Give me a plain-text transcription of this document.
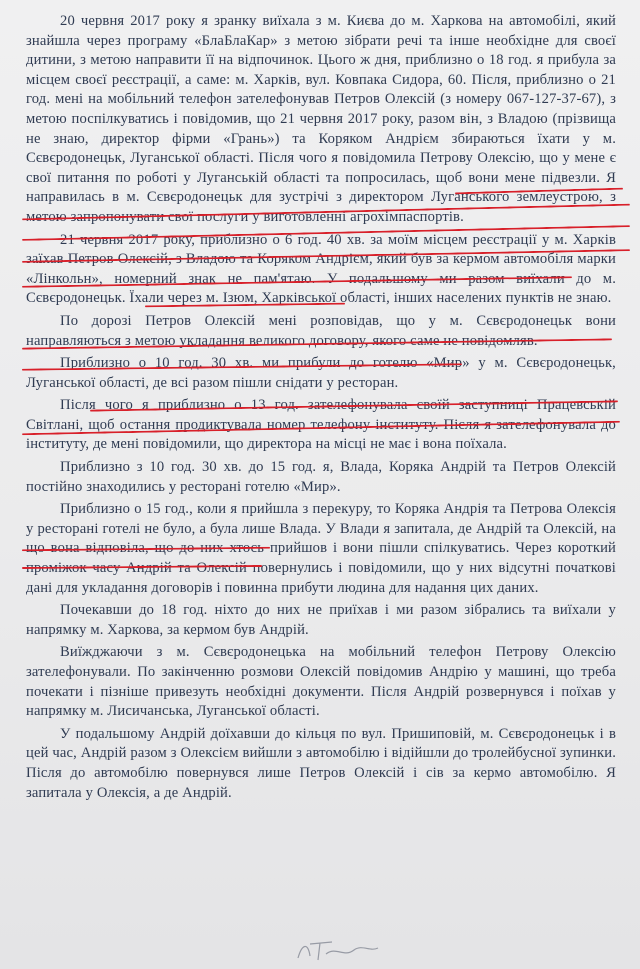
20 червня 2017 року я зранку виїхала з м. Києва до м. Харкова на автомобілі, який знайшла через програму «БлаБлаКар» з метою зібрати речі та інше необхідне для своєї дитини, з метою направити її на відпочинок. Цього ж дня, приблизно о 18 год. я прибула за місцем своєї реєстрації, а саме: м. Харків, вул. Ковпака Сидора, 60. Після, приблизно о 21 год. мені на мобільний телефон зателефонував Петров Олексій (з номеру 067-127-37-67), з метою поспілкуватись і повідомив, що 21 червня 2017 року, разом він, з Владою (прізвища не знаю, директор фірми «Грань») та Коряком Андрієм збираються їхати у м. Сєвєродонецьк, Луганської області. Після чого я повідомила Петрову Олексію, що у мене є свої питання по роботі у Луганській області та попросилась, щоб вони мене підвезли. Я направилась в м. Сєвєродонецьк для зустрічі з директором Луганського землеустрою, з метою запропонувати свої послуги у виготовленні агрохімпаспортів.

21 червня 2017 року, приблизно о 6 год. 40 хв. за моїм місцем реєстрації у м. Харків заїхав Петров Олексій, з Владою та Коряком Андрієм, який був за кермом автомобіля марки «Лінкольн», номерний знак не пам'ятаю. У подальшому ми разом виїхали до м. Сєвєродонецьк. Їхали через м. Ізюм, Харківської області, інших населених пунктів не знаю.

По дорозі Петров Олексій мені розповідав, що у м. Сєвєродонецьк вони направляються з метою укладання великого договору, якого саме не повідомляв.

Приблизно о 10 год. 30 хв. ми прибули до готелю «Мир» у м. Сєвєродонецьк, Луганської області, де всі разом пішли снідати у ресторан.

Після чого я приблизно о 13 год. зателефонувала своїй заступниці Працевській Світлані, щоб остання продиктувала номер телефону інституту. Після я зателефонувала до інституту, де мені повідомили, що директора на місці не має і вона поїхала.

Приблизно з 10 год. 30 хв. до 15 год. я, Влада, Коряка Андрій та Петров Олексій постійно знаходились у ресторані готелю «Мир».

Приблизно о 15 год., коли я прийшла з перекуру, то Коряка Андрія та Петрова Олексія у ресторані готелі не було, а була лише Влада. У Влади я запитала, де Андрій та Олексій, на що вона відповіла, що до них хтось прийшов і вони пішли спілкуватись. Через короткий проміжок часу Андрій та Олексій повернулись і повідомили, що у них відсутні початкові дані для укладання договорів і повинна прибути людина для надання цих даних.

Почекавши до 18 год. ніхто до них не приїхав і ми разом зібрались та виїхали у напрямку м. Харкова, за кермом був Андрій.

Виїжджаючи з м. Сєвєродонецька на мобільний телефон Петрову Олексію зателефонували. По закінченню розмови Олексій повідомив Андрію у машині, що треба почекати і пізніше привезуть необхідні документи. Після Андрій розвернувся і поїхав у напрямку м. Лисичанська, Луганської області.

У подальшому Андрій доїхавши до кільця по вул. Пришиповій, м. Сєвєродонецьк і в цей час, Андрій разом з Олексієм вийшли з автомобілю і відійшли до тролейбусної зупинки. Після до автомобілю повернувся лише Петров Олексій і сів за кермо автомобілю. Я запитала у Олексія, а де Андрій.
